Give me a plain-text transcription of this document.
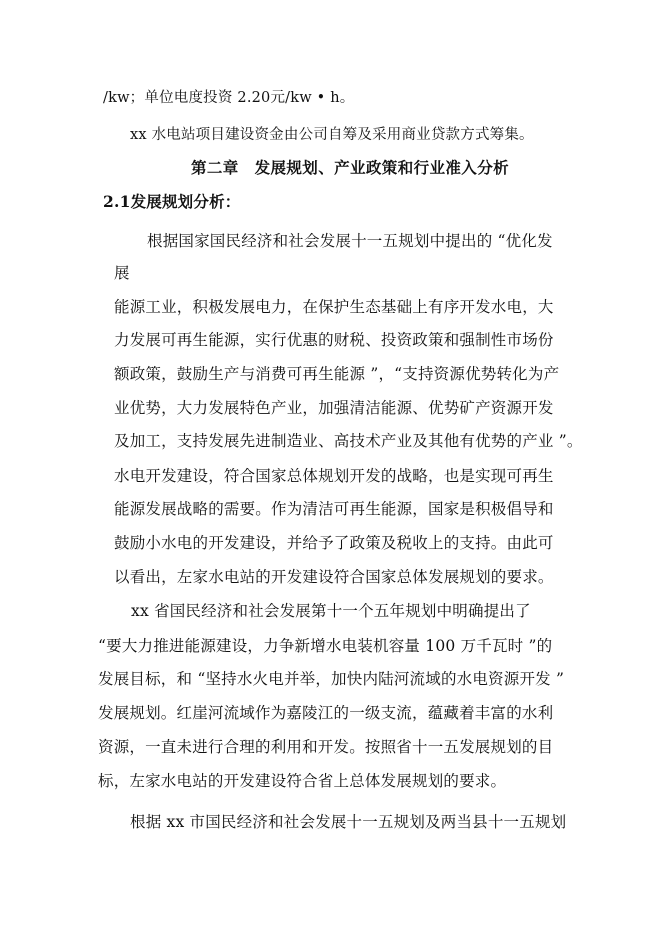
/kw；单位电度投资 2.20元/kw • h。
xx 水电站项目建设资金由公司自筹及采用商业贷款方式筹集。
第二章　发展规划、产业政策和行业准入分析
2.1发展规划分析：
根据国家国民经济和社会发展十一五规划中提出的 “优化发
展
能源工业，积极发展电力，在保护生态基础上有序开发水电，大
力发展可再生能源，实行优惠的财税、投资政策和强制性市场份
额政策，鼓励生产与消费可再生能源 ”，“支持资源优势转化为产
业优势，大力发展特色产业，加强清洁能源、优势矿产资源开发
及加工，支持发展先进制造业、高技术产业及其他有优势的产业 ”。
水电开发建设，符合国家总体规划开发的战略，也是实现可再生
能源发展战略的需要。作为清洁可再生能源，国家是积极倡导和
鼓励小水电的开发建设，并给予了政策及税收上的支持。由此可
以看出，左家水电站的开发建设符合国家总体发展规划的要求。
xx 省国民经济和社会发展第十一个五年规划中明确提出了
“要大力推进能源建设，力争新增水电装机容量 100 万千瓦时 ”的
发展目标，和 “坚持水火电并举，加快内陆河流域的水电资源开发 ”
发展规划。红崖河流域作为嘉陵江的一级支流，蕴藏着丰富的水利
资源，一直未进行合理的利用和开发。按照省十一五发展规划的目
标，左家水电站的开发建设符合省上总体发展规划的要求。
根据 xx 市国民经济和社会发展十一五规划及两当县十一五规划
